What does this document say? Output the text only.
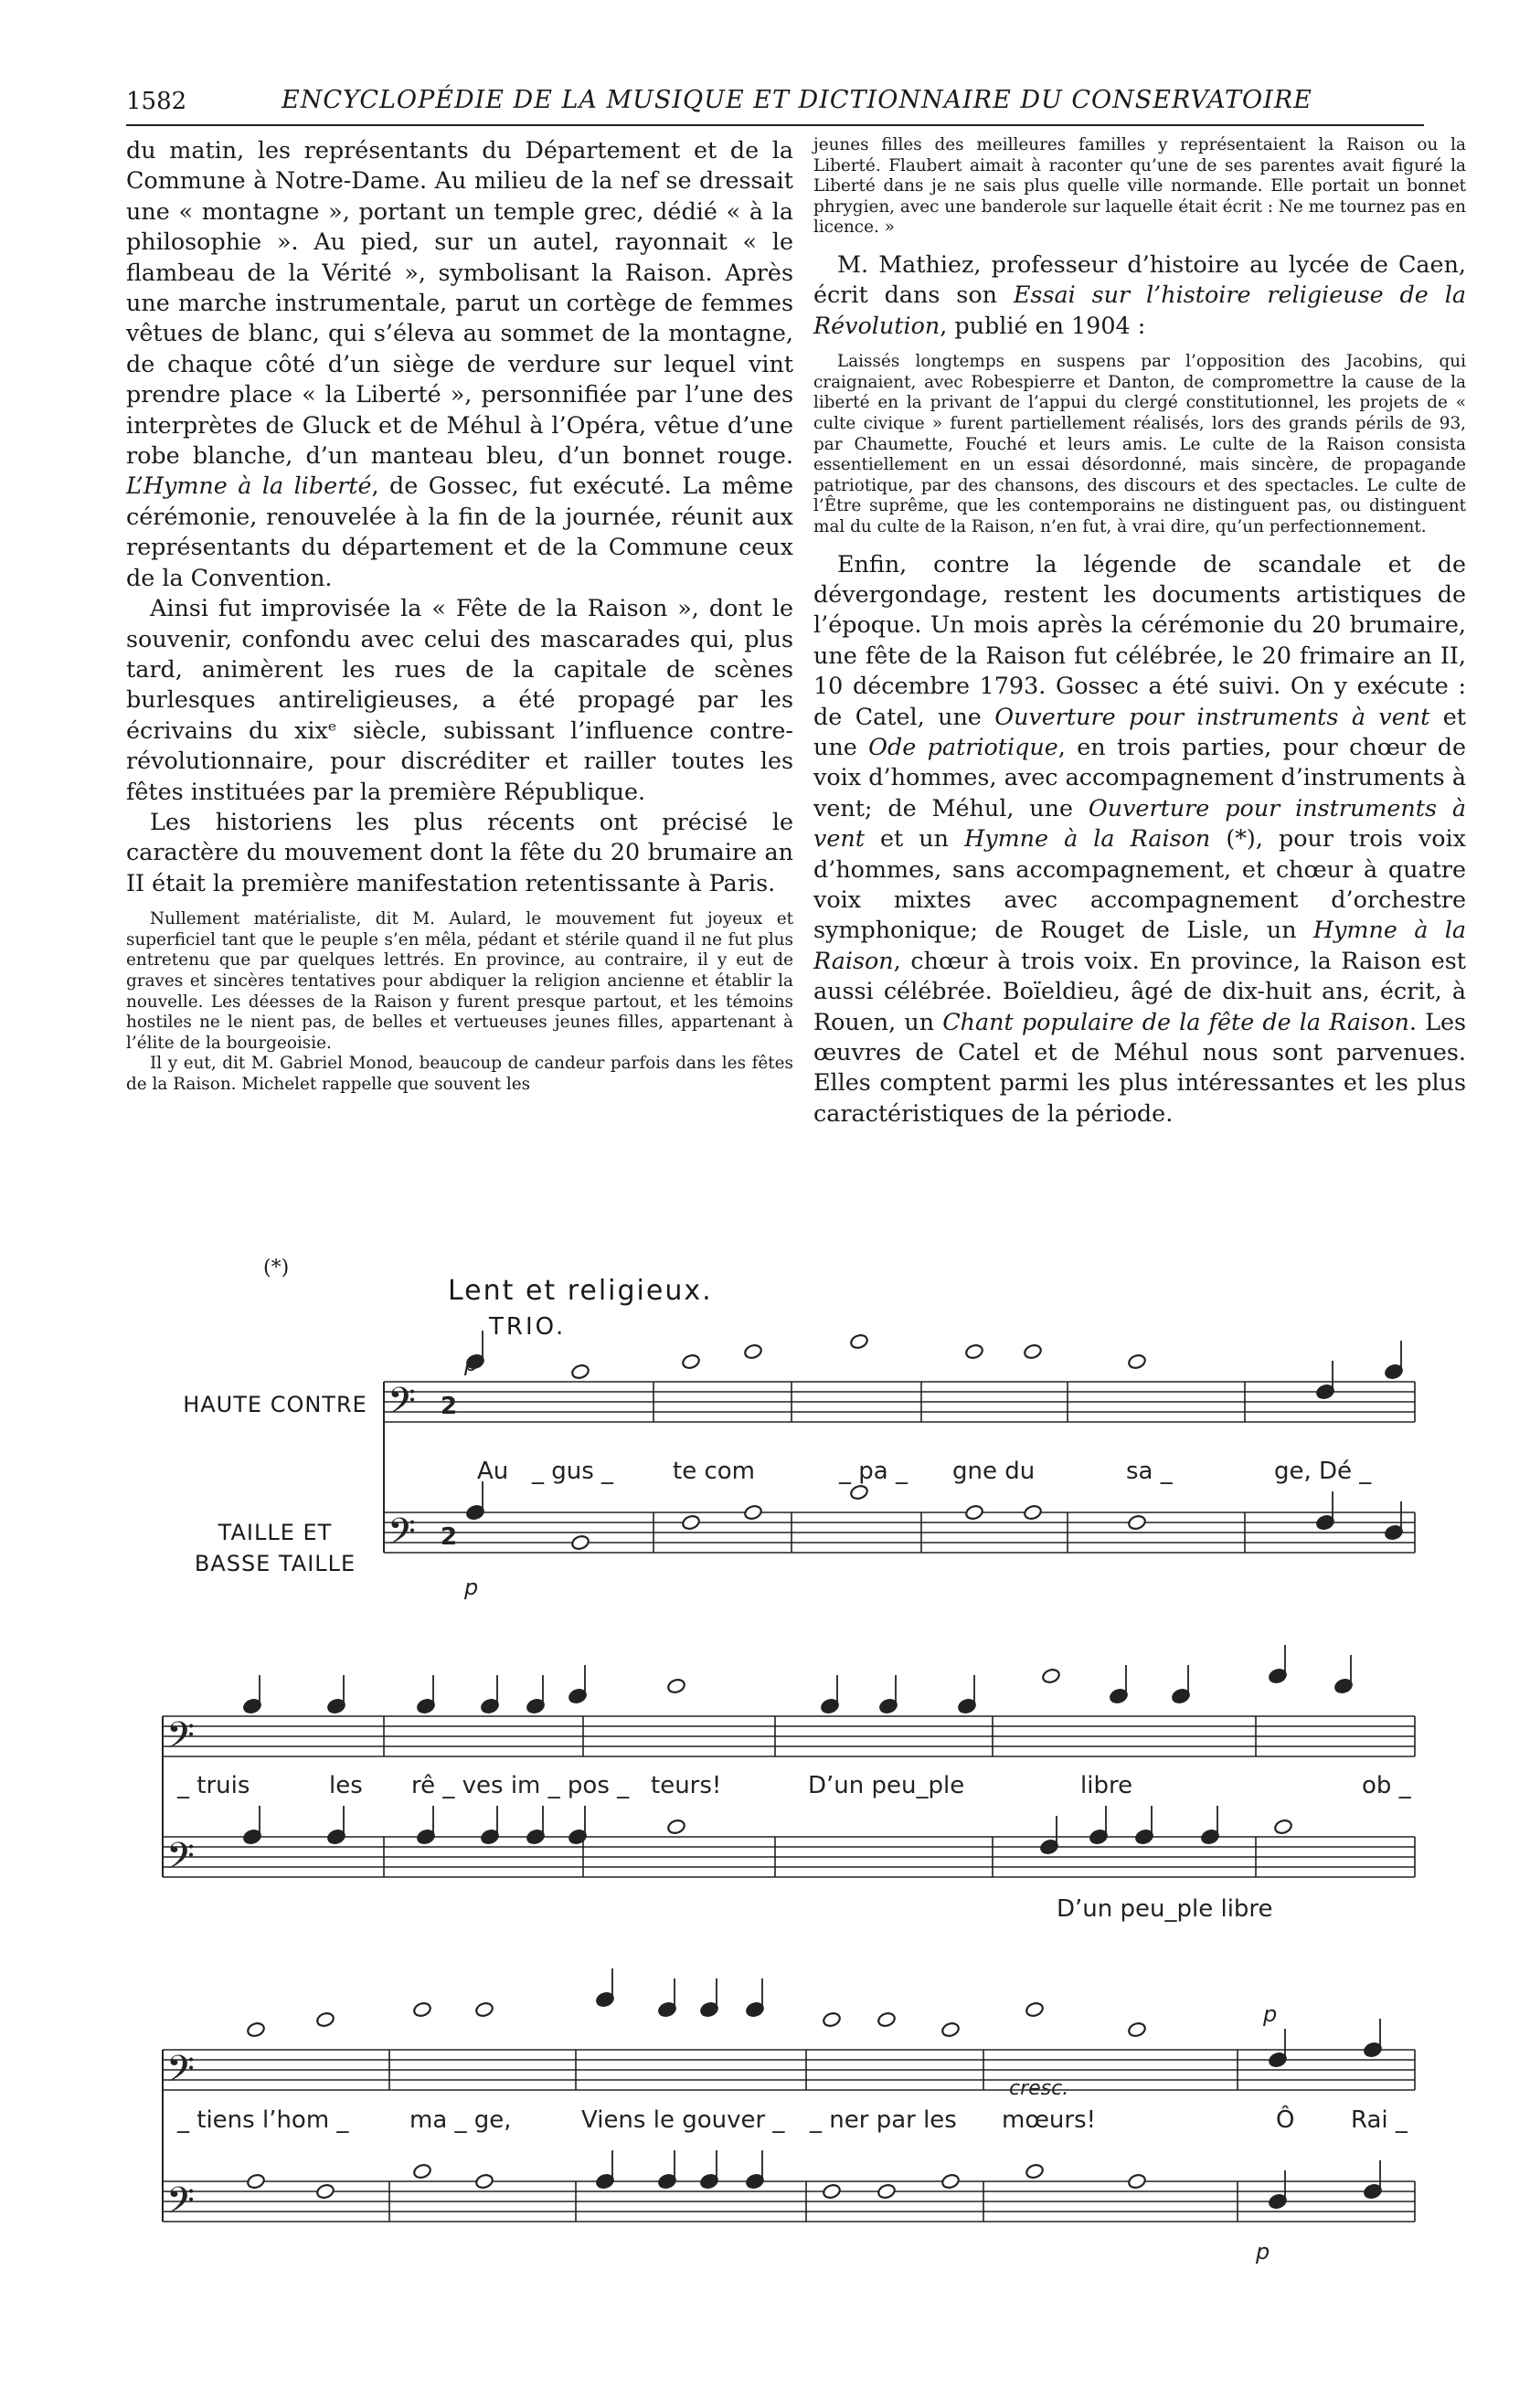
1582	ENCYCLOPÉDIE DE LA MUSIQUE ET DICTIONNAIRE DU CONSERVATOIRE

du matin, les représentants du Département et de la Commune à Notre-Dame. Au milieu de la nef se dressait une « montagne », portant un temple grec, dédié « à la philosophie ». Au pied, sur un autel, rayonnait « le flambeau de la Vérité », symbolisant la Raison. Après une marche instrumentale, parut un cortège de femmes vêtues de blanc, qui s’éleva au sommet de la montagne, de chaque côté d’un siège de verdure sur lequel vint prendre place « la Liberté », personnifiée par l’une des interprètes de Gluck et de Méhul à l’Opéra, vêtue d’une robe blanche, d’un manteau bleu, d’un bonnet rouge. L’Hymne à la liberté, de Gossec, fut exécuté. La même cérémonie, renouvelée à la fin de la journée, réunit aux représentants du département et de la Commune ceux de la Convention.

Ainsi fut improvisée la « Fête de la Raison », dont le souvenir, confondu avec celui des mascarades qui, plus tard, animèrent les rues de la capitale de scènes burlesques antireligieuses, a été propagé par les écrivains du xixᵉ siècle, subissant l’influence contre-révolutionnaire, pour discréditer et railler toutes les fêtes instituées par la première République.

Les historiens les plus récents ont précisé le caractère du mouvement dont la fête du 20 brumaire an II était la première manifestation retentissante à Paris.

Nullement matérialiste, dit M. Aulard, le mouvement fut joyeux et superficiel tant que le peuple s’en mêla, pédant et stérile quand il ne fut plus entretenu que par quelques lettrés. En province, au contraire, il y eut de graves et sincères tentatives pour abdiquer la religion ancienne et établir la nouvelle. Les déesses de la Raison y furent presque partout, et les témoins hostiles ne le nient pas, de belles et vertueuses jeunes filles, appartenant à l’élite de la bourgeoisie.

Il y eut, dit M. Gabriel Monod, beaucoup de candeur parfois dans les fêtes de la Raison. Michelet rappelle que souvent les

jeunes filles des meilleures familles y représentaient la Raison ou la Liberté. Flaubert aimait à raconter qu’une de ses parentes avait figuré la Liberté dans je ne sais plus quelle ville normande. Elle portait un bonnet phrygien, avec une banderole sur laquelle était écrit : Ne me tournez pas en licence. »

M. Mathiez, professeur d’histoire au lycée de Caen, écrit dans son Essai sur l’histoire religieuse de la Révolution, publié en 1904 :

Laissés longtemps en suspens par l’opposition des Jacobins, qui craignaient, avec Robespierre et Danton, de compromettre la cause de la liberté en la privant de l’appui du clergé constitutionnel, les projets de « culte civique » furent partiellement réalisés, lors des grands périls de 93, par Chaumette, Fouché et leurs amis. Le culte de la Raison consista essentiellement en un essai désordonné, mais sincère, de propagande patriotique, par des chansons, des discours et des spectacles. Le culte de l’Être suprême, que les contemporains ne distinguent pas, ou distinguent mal du culte de la Raison, n’en fut, à vrai dire, qu’un perfectionnement.

Enfin, contre la légende de scandale et de dévergondage, restent les documents artistiques de l’époque. Un mois après la cérémonie du 20 brumaire, une fête de la Raison fut célébrée, le 20 frimaire an II, 10 décembre 1793. Gossec a été suivi. On y exécute : de Catel, une Ouverture pour instruments à vent et une Ode patriotique, en trois parties, pour chœur de voix d’hommes, avec accompagnement d’instruments à vent; de Méhul, une Ouverture pour instruments à vent et un Hymne à la Raison (*), pour trois voix d’hommes, sans accompagnement, et chœur à quatre voix mixtes avec accompagnement d’orchestre symphonique; de Rouget de Lisle, un Hymne à la Raison, chœur à trois voix. En province, la Raison est aussi célébrée. Boïeldieu, âgé de dix-huit ans, écrit, à Rouen, un Chant populaire de la fête de la Raison. Les œuvres de Catel et de Méhul nous sont parvenues. Elles comptent parmi les plus intéressantes et les plus caractéristiques de la période.

(*)
Lent et religieux.
TRIO.
HAUTE CONTRE
TAILLE ET
BASSE TAILLE
𝄢
𝄢
𝄢
𝄢
𝄢
𝄢
Au _ gus _ te com	_ pa _ gne du	sa _	ge, Dé _
_ truis	les rê _ ves im _ pos _ teurs!	D’un peu_ple	libre	ob _
D’un peu_ple libre
_ tiens l’hom _	ma _ ge,	Viens le gouver _ _ ner par les mœurs!	Ô Rai _
2
2
p
p
cresc.
p
p
